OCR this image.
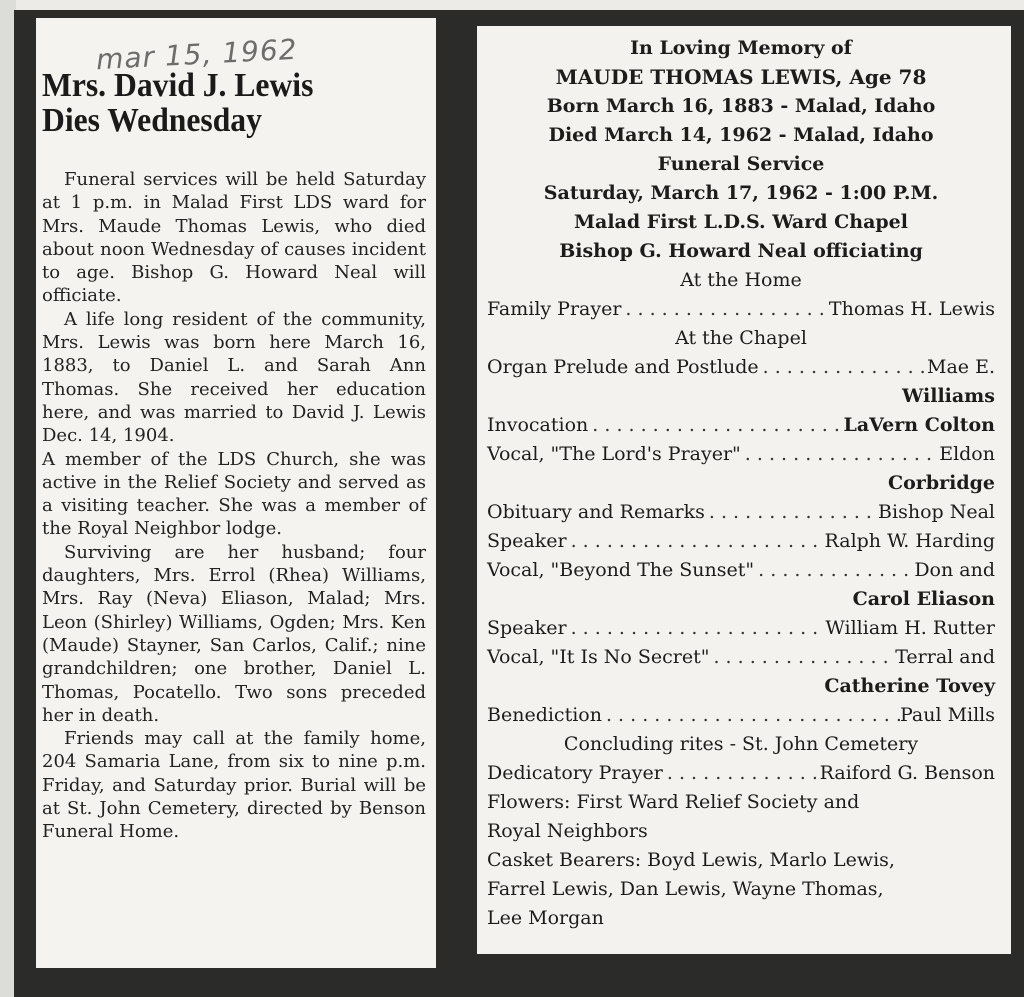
mar 15, 1962
Mrs. David J. Lewis
Dies Wednesday

Funeral services will be held Saturday at 1 p.m. in Malad First LDS ward for Mrs. Maude Thomas Lewis, who died about noon Wednesday of causes incident to age. Bishop G. Howard Neal will officiate.

A life long resident of the community, Mrs. Lewis was born here March 16, 1883, to Daniel L. and Sarah Ann Thomas. She received her education here, and was married to David J. Lewis Dec. 14, 1904.

A member of the LDS Church, she was active in the Relief Society and served as a visiting teacher. She was a member of the Royal Neighbor lodge.

Surviving are her husband; four daughters, Mrs. Errol (Rhea) Williams, Mrs. Ray (Neva) Eliason, Malad; Mrs. Leon (Shirley) Williams, Ogden; Mrs. Ken (Maude) Stayner, San Carlos, Calif.; nine grandchildren; one brother, Daniel L. Thomas, Pocatello. Two sons preceded her in death.

Friends may call at the family home, 204 Samaria Lane, from six to nine p.m. Friday, and Saturday prior. Burial will be at St. John Cemetery, directed by Benson Funeral Home.

In Loving Memory of
MAUDE THOMAS LEWIS, Age 78
Born March 16, 1883 - Malad, Idaho
Died March 14, 1962 - Malad, Idaho
Funeral Service
Saturday, March 17, 1962 - 1:00 P.M.
Malad First L.D.S. Ward Chapel
Bishop G. Howard Neal officiating
At the Home
Family Prayer . . .	Thomas H. Lewis
At the Chapel
Organ Prelude and Postlude . . .	Mae E.
Williams
Invocation . . .	LaVern Colton
Vocal, "The Lord's Prayer" . . .	Eldon
Corbridge
Obituary and Remarks . . .	Bishop Neal
Speaker . . .	Ralph W. Harding
Vocal, "Beyond The Sunset" . . .	Don and
Carol Eliason
Speaker . . .	William H. Rutter
Vocal, "It Is No Secret" . . .	Terral and
Catherine Tovey
Benediction . . .	Paul Mills
Concluding rites - St. John Cemetery
Dedicatory Prayer . . .	Raiford G. Benson
Flowers: First Ward Relief Society and
Royal Neighbors
Casket Bearers: Boyd Lewis, Marlo Lewis,
Farrel Lewis, Dan Lewis, Wayne Thomas,
Lee Morgan
